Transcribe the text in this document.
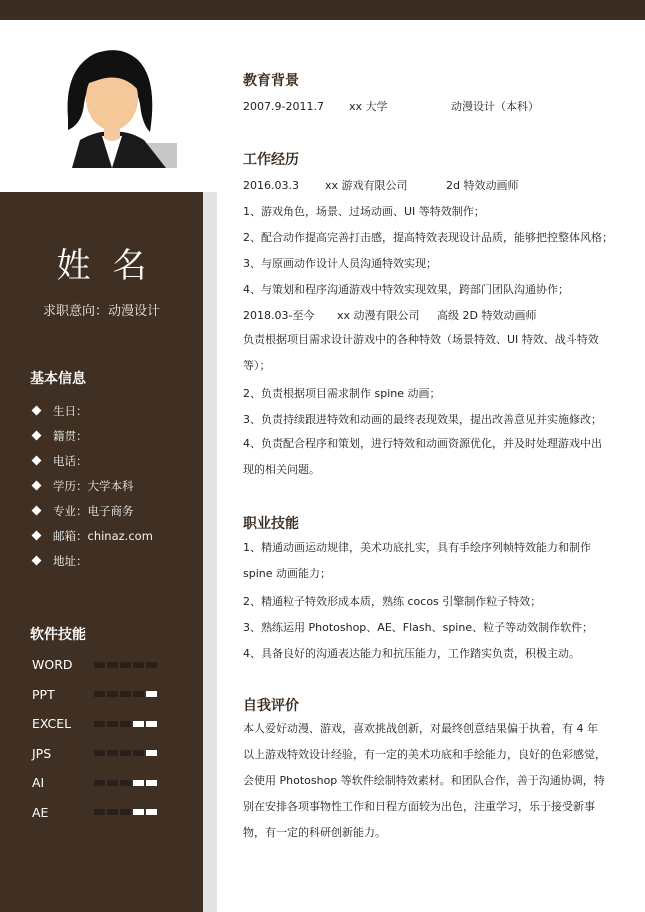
姓名
求职意向：动漫设计
基本信息
生日：
籍贯：
电话：
学历：大学本科
专业：电子商务
邮箱：chinaz.com
地址：
软件技能
WORD
PPT
EXCEL
JPS
AI
AE
教育背景
2007.9-2011.7 xx 大学	动漫设计（本科）
工作经历
2016.03.3 xx 游戏有限公司	2d 特效动画师
1、游戏角色，场景、过场动画、UI 等特效制作；
2、配合动作提高完善打击感，提高特效表现设计品质，能够把控整体风格；
3、与原画动作设计人员沟通特效实现；
4、与策划和程序沟通游戏中特效实现效果，跨部门团队沟通协作；
2018.03-至今 xx 动漫有限公司 高级 2D 特效动画师
负责根据项目需求设计游戏中的各种特效（场景特效、UI 特效、战斗特效等）；
2、负责根据项目需求制作 spine 动画；
3、负责持续跟进特效和动画的最终表现效果，提出改善意见并实施修改；
4、负责配合程序和策划，进行特效和动画资源优化，并及时处理游戏中出现的相关问题。
职业技能
1、精通动画运动规律，美术功底扎实，具有手绘序列帧特效能力和制作 spine 动画能力；
2、精通粒子特效形成本质，熟练 cocos 引擎制作粒子特效；
3、熟练运用 Photoshop、AE、Flash、spine、粒子等动效制作软件；
4、具备良好的沟通表达能力和抗压能力，工作踏实负责，积极主动。
自我评价
本人爱好动漫、游戏，喜欢挑战创新，对最终创意结果偏于执着，有 4 年以上游戏特效设计经验，有一定的美术功底和手绘能力，良好的色彩感觉，会使用 Photoshop 等软件绘制特效素材。和团队合作，善于沟通协调，特别在安排各项事物性工作和日程方面较为出色，注重学习，乐于接受新事物，有一定的科研创新能力。
